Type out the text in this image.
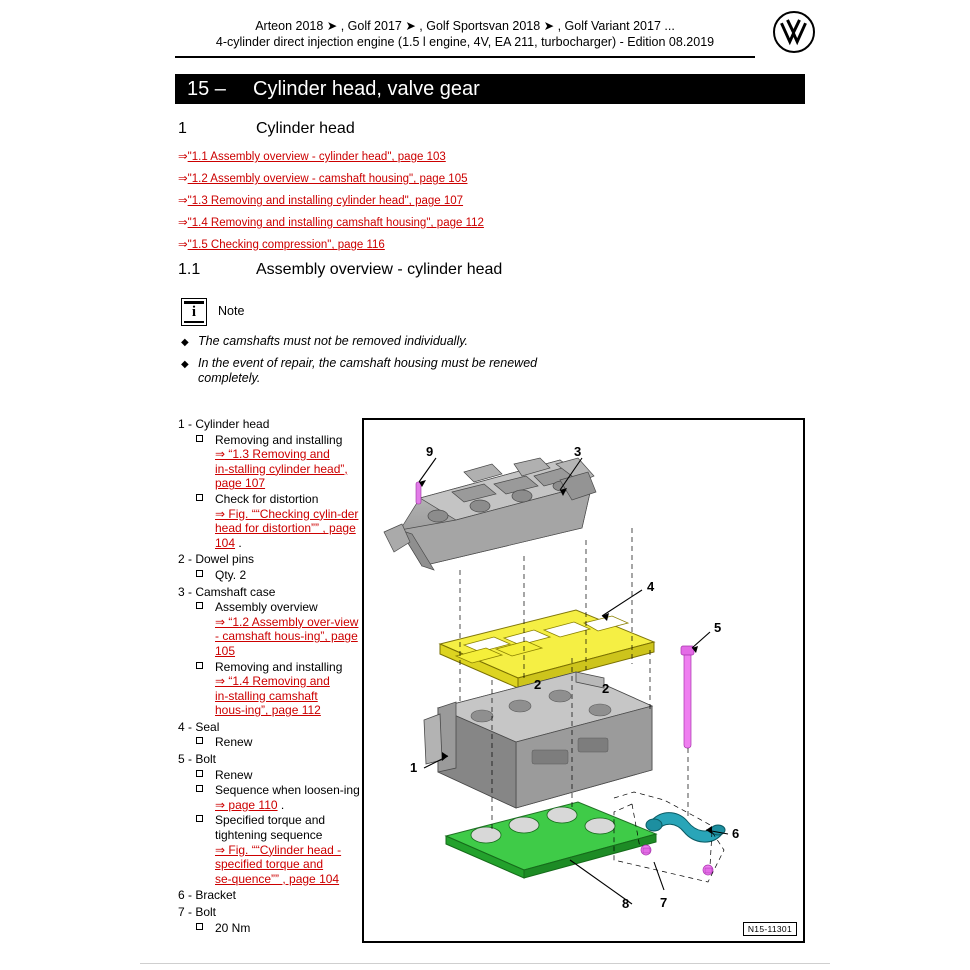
Arteon 2018 ➤ , Golf 2017 ➤ , Golf Sportsvan 2018 ➤ , Golf Variant 2017 ...
4-cylinder direct injection engine (1.5 l engine, 4V, EA 211, turbocharger) - Edition 08.2019
15 – Cylinder head, valve gear
1	Cylinder head
⇒"1.1 Assembly overview - cylinder head", page 103
⇒"1.2 Assembly overview - camshaft housing", page 105
⇒"1.3 Removing and installing cylinder head", page 107
⇒"1.4 Removing and installing camshaft housing", page 112
⇒"1.5 Checking compression", page 116
1.1	Assembly overview - cylinder head
i	Note
◆ The camshafts must not be removed individually.
◆ In the event of repair, the camshaft housing must be renewed completely.
1 - Cylinder head
Removing and installing
⇒ “1.3 Removing and in‑stalling cylinder head”, page 107
Check for distortion
⇒ Fig. ““Checking cylin‑der head for distortion”” , page 104 .
2 - Dowel pins
Qty. 2
3 - Camshaft case
Assembly overview
⇒ “1.2 Assembly over‑view - camshaft hous‑ing”, page 105
Removing and installing
⇒ “1.4 Removing and in‑stalling camshaft hous‑ing”, page 112
4 - Seal
Renew
5 - Bolt
Renew
Sequence when loosen‑ing ⇒ page 110 .
Specified torque and tightening sequence
⇒ Fig. ““Cylinder head - specified torque and se‑quence”” , page 104
6 - Bracket
7 - Bolt
20 Nm
9	3
4
5
2	2
1
6
7
8
N15-11301
